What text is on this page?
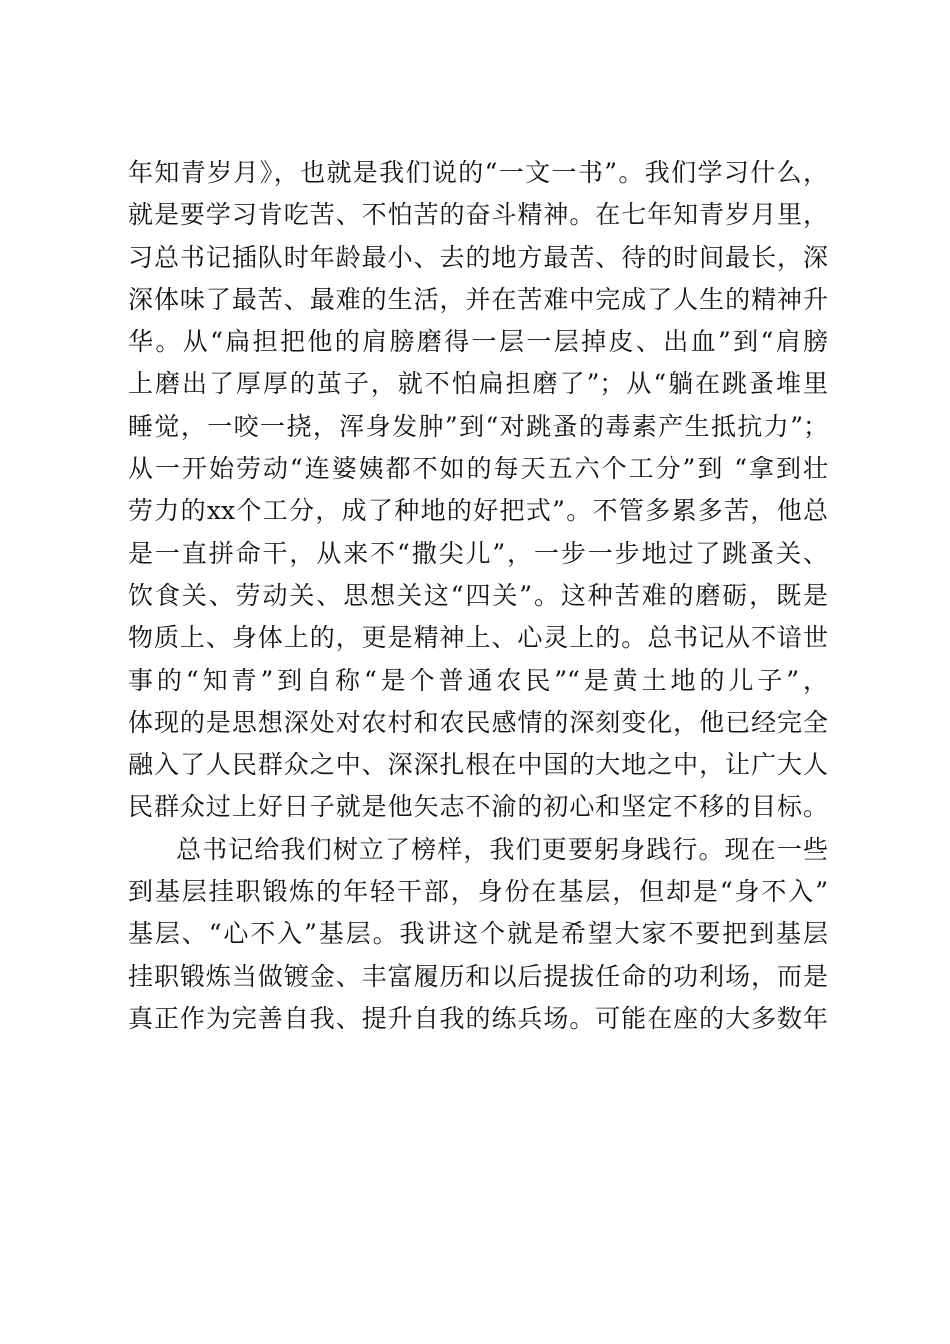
年知青岁月》，也就是我们说的“一文一书”。我们学习什么，
就是要学习肯吃苦、不怕苦的奋斗精神。在七年知青岁月里，
习总书记插队时年龄最小、去的地方最苦、待的时间最长，深
深体味了最苦、最难的生活，并在苦难中完成了人生的精神升
华。从“扁担把他的肩膀磨得一层一层掉皮、出血”到“肩膀
上磨出了厚厚的茧子，就不怕扁担磨了”；从“躺在跳蚤堆里
睡觉，一咬一挠，浑身发肿”到“对跳蚤的毒素产生抵抗力”；
从一开始劳动“连婆姨都不如的每天五六个工分”到 “拿到壮
劳力的xx个工分，成了种地的好把式”。不管多累多苦，他总
是一直拼命干，从来不“撒尖儿”，一步一步地过了跳蚤关、
饮食关、劳动关、思想关这“四关”。这种苦难的磨砺，既是
物质上、身体上的，更是精神上、心灵上的。总书记从不谙世
事的“知青”到自称“是个普通农民”“是黄土地的儿子”，
体现的是思想深处对农村和农民感情的深刻变化，他已经完全
融入了人民群众之中、深深扎根在中国的大地之中，让广大人
民群众过上好日子就是他矢志不渝的初心和坚定不移的目标。
总书记给我们树立了榜样，我们更要躬身践行。现在一些
到基层挂职锻炼的年轻干部，身份在基层，但却是“身不入”
基层、“心不入”基层。我讲这个就是希望大家不要把到基层
挂职锻炼当做镀金、丰富履历和以后提拔任命的功利场，而是
真正作为完善自我、提升自我的练兵场。可能在座的大多数年
